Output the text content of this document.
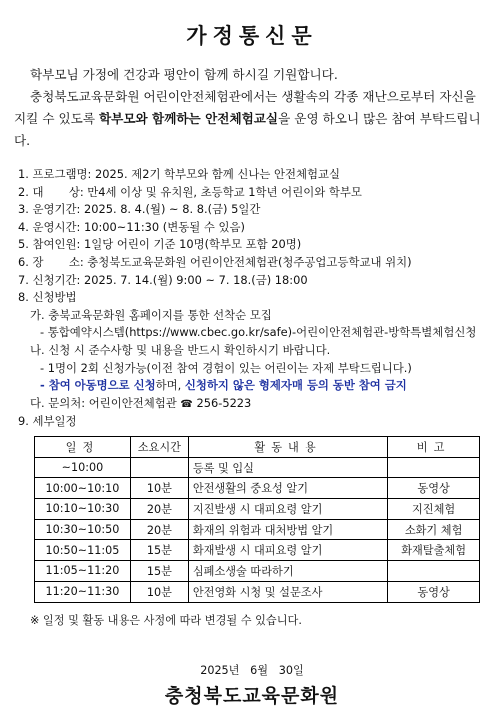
가정통신문

학부모님 가정에 건강과 평안이 함께 하시길 기원합니다.

충청북도교육문화원 어린이안전체험관에서는 생활속의 각종 재난으로부터 자신을 지킬 수 있도록 학부모와 함께하는 안전체험교실을 운영 하오니 많은 참여 부탁드립니다.

1. 프로그램명: 2025. 제2기 학부모와 함께 신나는 안전체험교실
2. 대       상: 만4세 이상 및 유치원, 초등학교 1학년 어린이와 학부모
3. 운영기간: 2025. 8. 4.(월) ~ 8. 8.(금) 5일간
4. 운영시간: 10:00~11:30 (변동될 수 있음)
5. 참여인원: 1일당 어린이 기준 10명(학부모 포함 20명)
6. 장       소: 충청북도교육문화원 어린이안전체험관(청주공업고등학교내 위치)
7. 신청기간: 2025. 7. 14.(월) 9:00 ~ 7. 18.(금) 18:00
8. 신청방법
가. 충북교육문화원 홈페이지를 통한 선착순 모집
- 통합예약시스템(https://www.cbec.go.kr/safe)-어린이안전체험관-방학특별체험신청
나. 신청 시 준수사항 및 내용을 반드시 확인하시기 바랍니다.
- 1명이 2회 신청가능(이전 참여 경험이 있는 어린이는 자제 부탁드립니다.)
- 참여 아동명으로 신청하며, 신청하지 않은 형제자매 등의 동반 참여 금지
다. 문의처: 어린이안전체험관 ☎ 256-5223
9. 세부일정
일정	소요시간	활동내용	비고
~10:00		등록 및 입실	
10:00~10:10	10분	안전생활의 중요성 알기	동영상
10:10~10:30	20분	지진발생 시 대피요령 알기	지진체험
10:30~10:50	20분	화재의 위험과 대처방법 알기	소화기 체험
10:50~11:05	15분	화재발생 시 대피요령 알기	화재탈출체험
11:05~11:20	15분	심폐소생술 따라하기	
11:20~11:30	10분	안전영화 시청 및 설문조사	동영상
※ 일정 및 활동 내용은 사정에 따라 변경될 수 있습니다.
2025년   6월   30일
충청북도교육문화원
